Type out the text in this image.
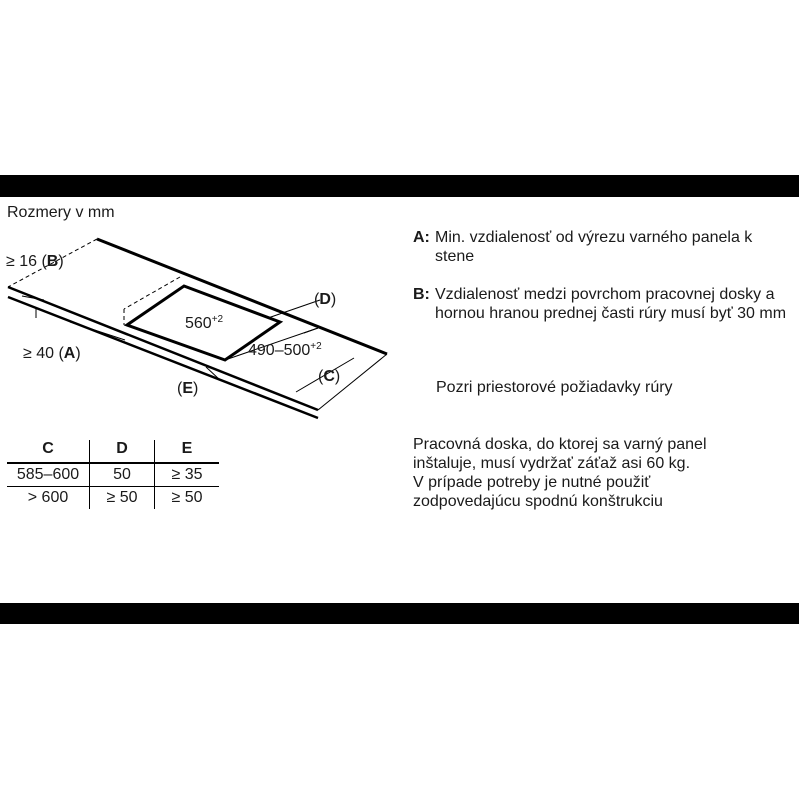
Rozmery v mm
≥ 16 (B)
≥ 40 (A)
(D)
(E)
(C)
$560^{+2}$
$490-500^{+2}$
C	D	E
585–600	50	≥ 35
> 600	≥ 50	≥ 50
A: Min. vzdialenosť od výrezu varného panela k stene
B: Vzdialenosť medzi povrchom pracovnej dosky a hornou hranou prednej časti rúry musí byť 30 mm
Pozri priestorové požiadavky rúry
Pracovná doska, do ktorej sa varný panel
inštaluje, musí vydržať záťaž asi 60 kg.
V prípade potreby je nutné použiť
zodpovedajúcu spodnú konštrukciu
